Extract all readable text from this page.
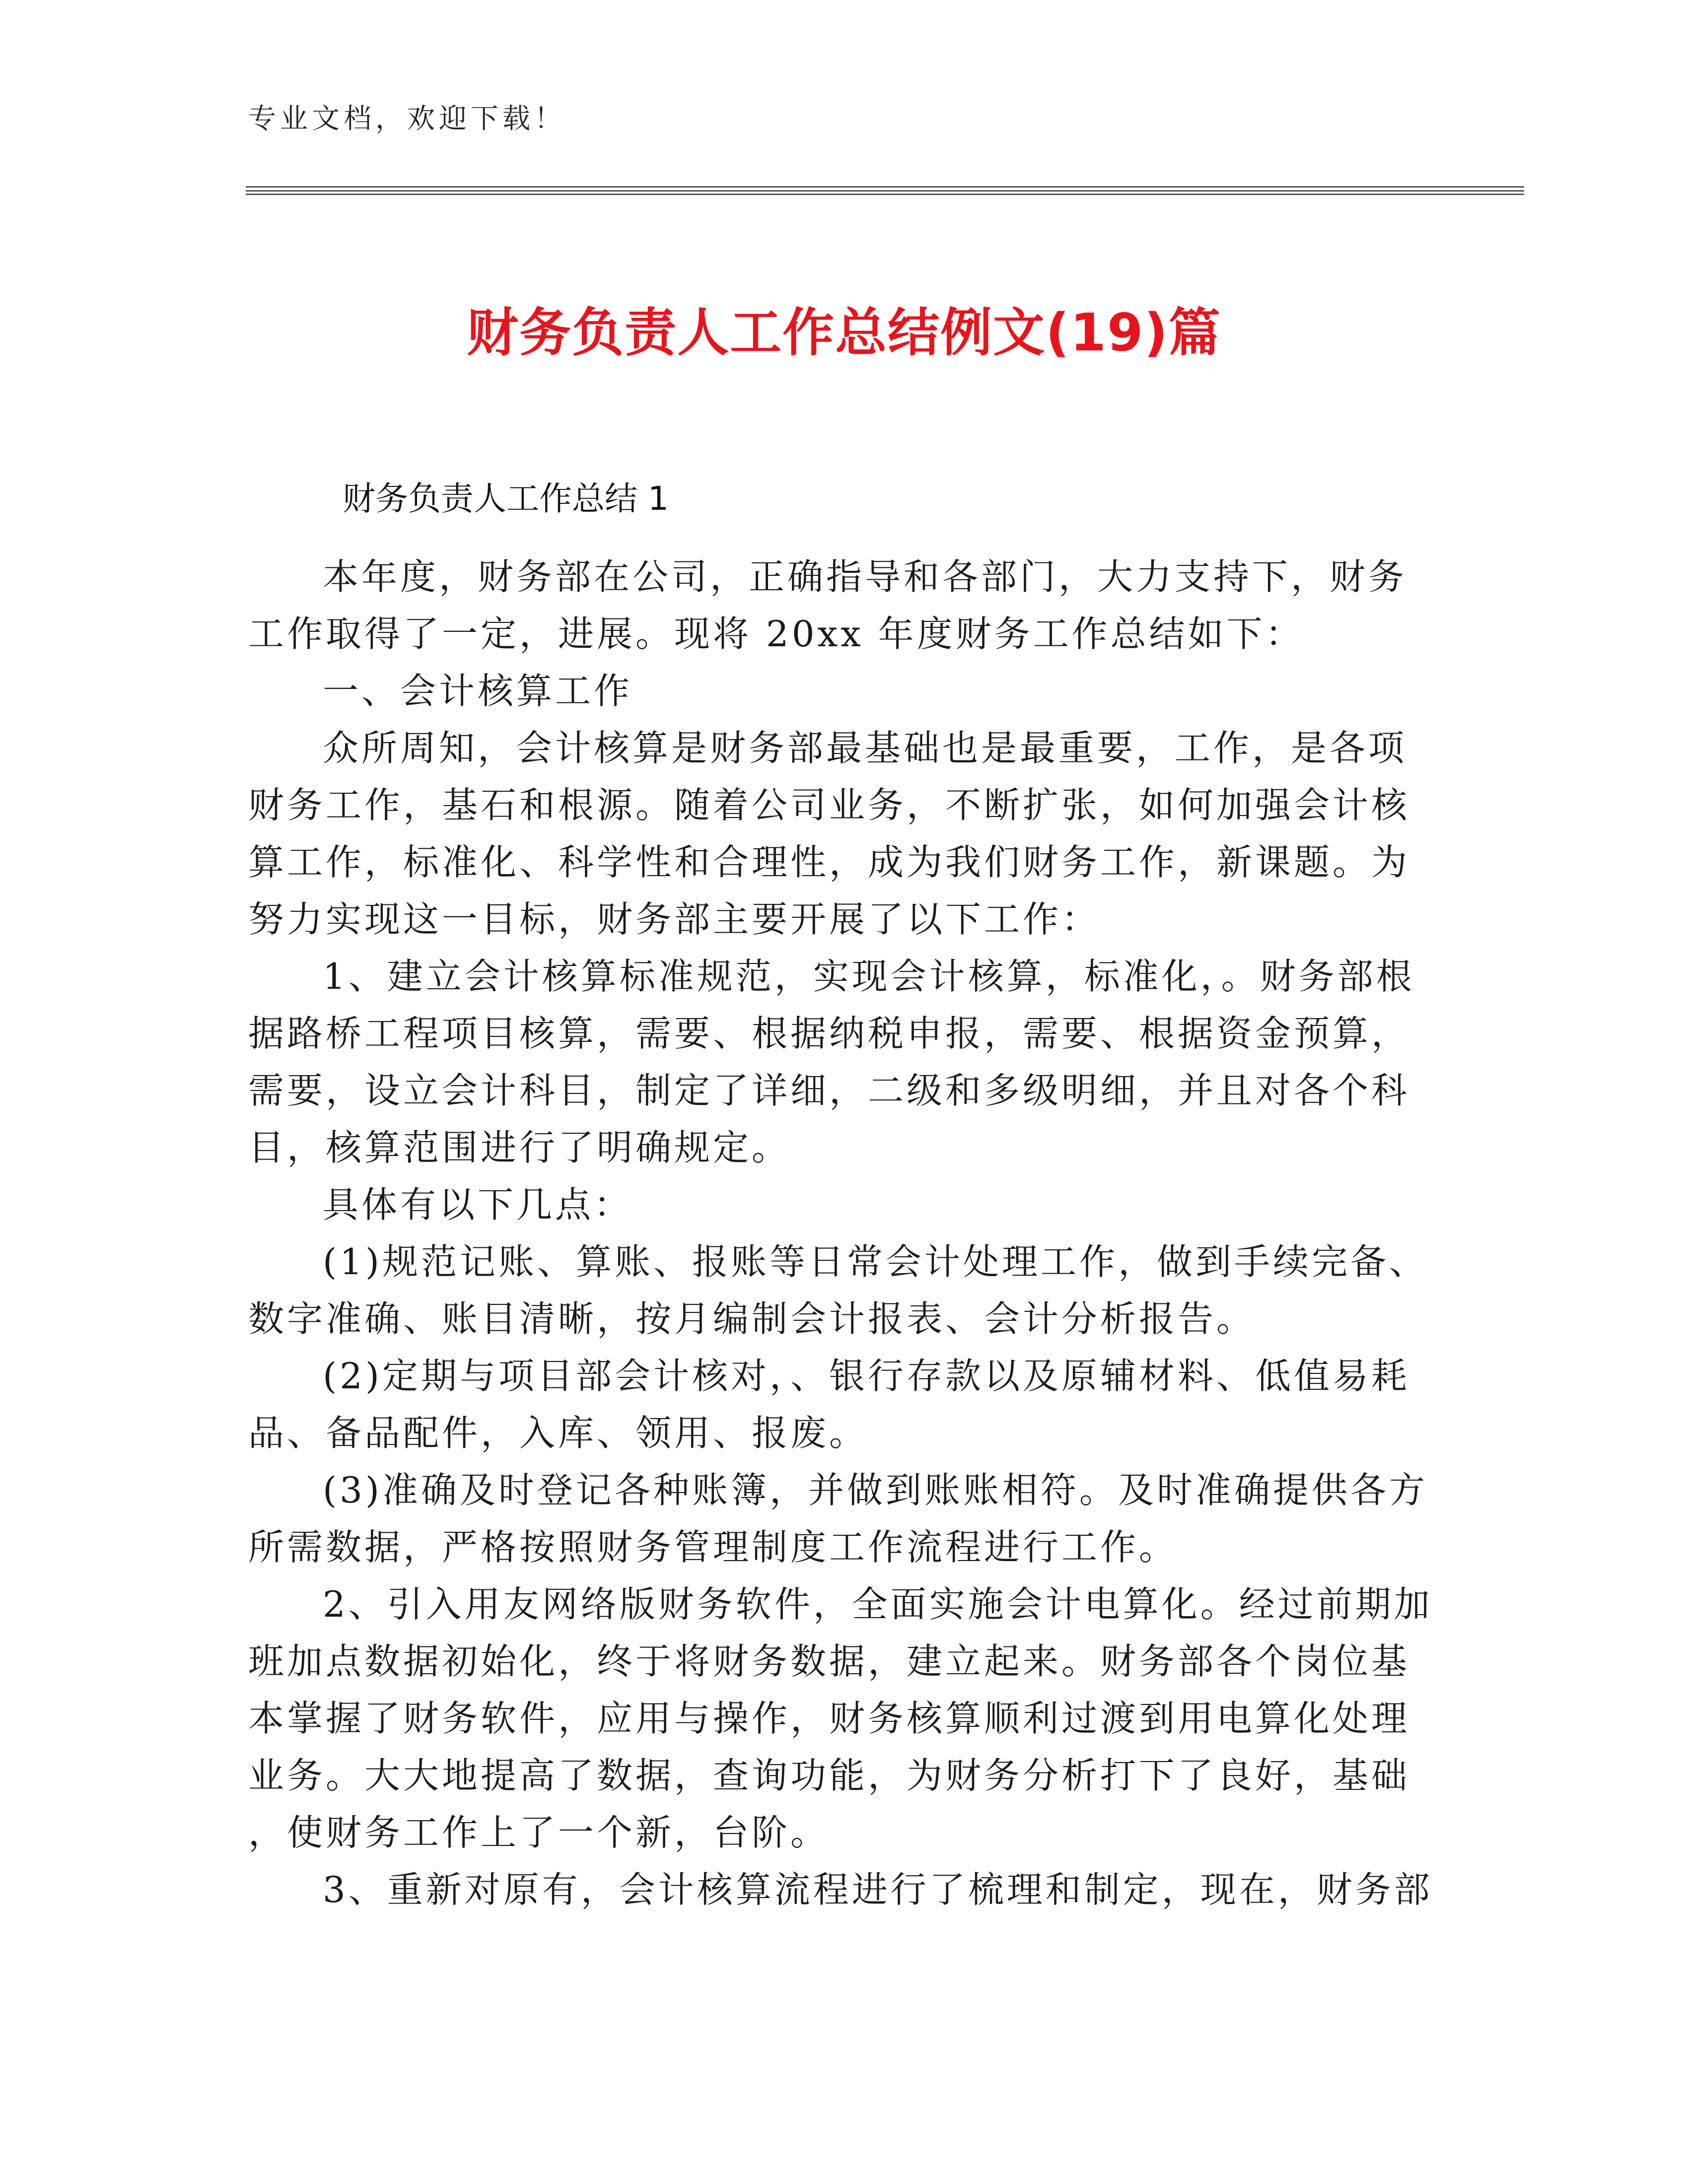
专业文档，欢迎下载！
财务负责人工作总结例文(19)篇
财务负责人工作总结 1
本年度，财务部在公司，正确指导和各部门，大力支持下，财务
工作取得了一定，进展。现将 20xx 年度财务工作总结如下：
一、会计核算工作
众所周知，会计核算是财务部最基础也是最重要，工作，是各项
财务工作，基石和根源。随着公司业务，不断扩张，如何加强会计核
算工作，标准化、科学性和合理性，成为我们财务工作，新课题。为
努力实现这一目标，财务部主要开展了以下工作：
1、建立会计核算标准规范，实现会计核算，标准化，。财务部根
据路桥工程项目核算，需要、根据纳税申报，需要、根据资金预算，
需要，设立会计科目，制定了详细，二级和多级明细，并且对各个科
目，核算范围进行了明确规定。
具体有以下几点：
(1)规范记账、算账、报账等日常会计处理工作，做到手续完备、
数字准确、账目清晰，按月编制会计报表、会计分析报告。
(2)定期与项目部会计核对，、银行存款以及原辅材料、低值易耗
品、备品配件，入库、领用、报废。
(3)准确及时登记各种账簿，并做到账账相符。及时准确提供各方
所需数据，严格按照财务管理制度工作流程进行工作。
2、引入用友网络版财务软件，全面实施会计电算化。经过前期加
班加点数据初始化，终于将财务数据，建立起来。财务部各个岗位基
本掌握了财务软件，应用与操作，财务核算顺利过渡到用电算化处理
业务。大大地提高了数据，查询功能，为财务分析打下了良好，基础
，使财务工作上了一个新，台阶。
3、重新对原有，会计核算流程进行了梳理和制定，现在，财务部
